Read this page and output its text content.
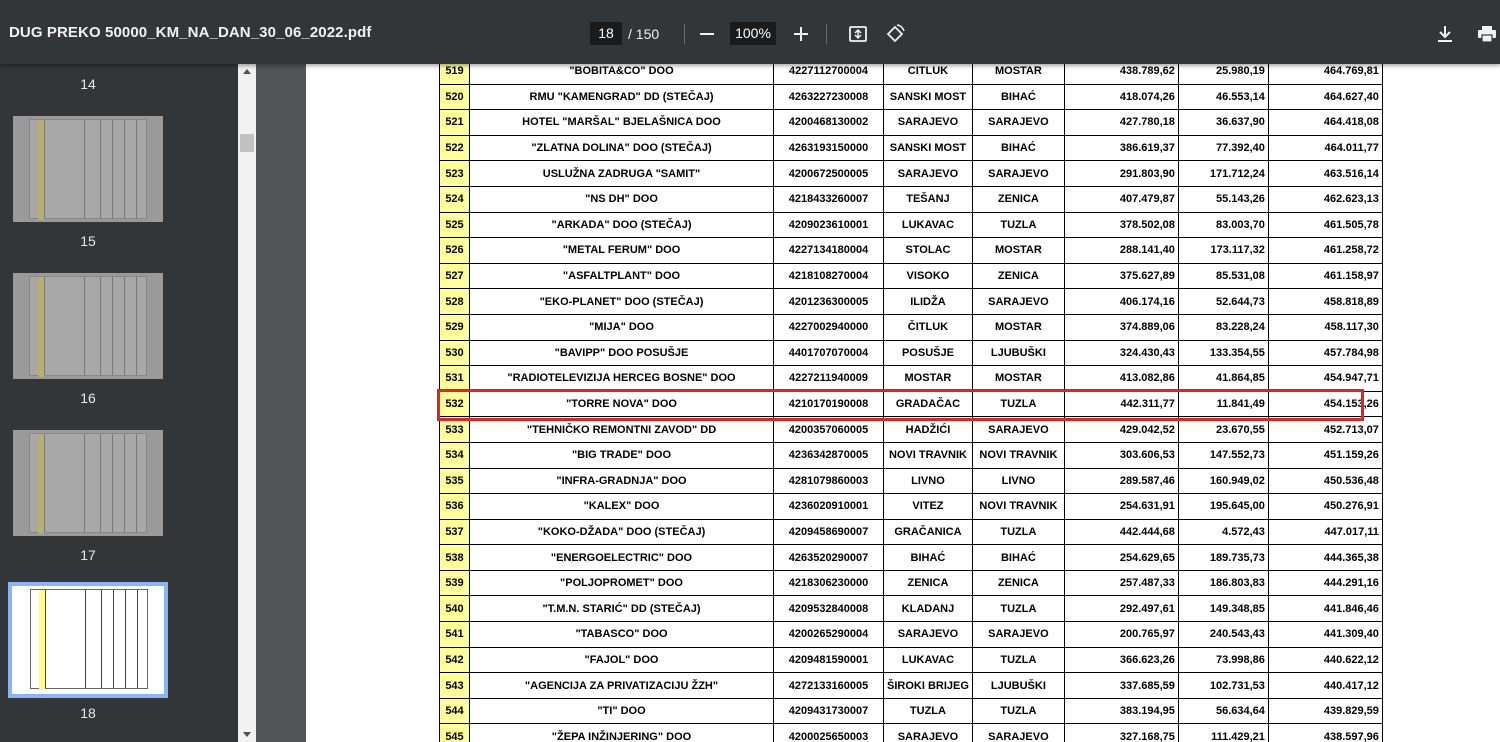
DUG PREKO 50000_KM_NA_DAN_30_06_2022.pdf	18	/ 150	100%
14
15
16
17
18
519	"BOBITA&CO" DOO	4227112700004	CITLUK	MOSTAR	438.789,62	25.980,19	464.769,81
520	RMU "KAMENGRAD" DD (STEČAJ)	4263227230008	SANSKI MOST	BIHAĆ	418.074,26	46.553,14	464.627,40
521	HOTEL "MARŠAL" BJELAŠNICA DOO	4200468130002	SARAJEVO	SARAJEVO	427.780,18	36.637,90	464.418,08
522	"ZLATNA DOLINA" DOO (STEČAJ)	4263193150000	SANSKI MOST	BIHAĆ	386.619,37	77.392,40	464.011,77
523	USLUŽNA ZADRUGA "SAMIT"	4200672500005	SARAJEVO	SARAJEVO	291.803,90	171.712,24	463.516,14
524	"NS DH" DOO	4218433260007	TEŠANJ	ZENICA	407.479,87	55.143,26	462.623,13
525	"ARKADA" DOO (STEČAJ)	4209023610001	LUKAVAC	TUZLA	378.502,08	83.003,70	461.505,78
526	"METAL FERUM" DOO	4227134180004	STOLAC	MOSTAR	288.141,40	173.117,32	461.258,72
527	"ASFALTPLANT" DOO	4218108270004	VISOKO	ZENICA	375.627,89	85.531,08	461.158,97
528	"EKO-PLANET" DOO (STEČAJ)	4201236300005	ILIDŽA	SARAJEVO	406.174,16	52.644,73	458.818,89
529	"MIJA" DOO	4227002940000	ČITLUK	MOSTAR	374.889,06	83.228,24	458.117,30
530	"BAVIPP" DOO POSUŠJE	4401707070004	POSUŠJE	LJUBUŠKI	324.430,43	133.354,55	457.784,98
531	"RADIOTELEVIZIJA HERCEG BOSNE" DOO	4227211940009	MOSTAR	MOSTAR	413.082,86	41.864,85	454.947,71
532	"TORRE NOVA" DOO	4210170190008	GRADAČAC	TUZLA	442.311,77	11.841,49	454.153,26
533	"TEHNIČKO REMONTNI ZAVOD" DD	4200357060005	HADŽIĆI	SARAJEVO	429.042,52	23.670,55	452.713,07
534	"BIG TRADE" DOO	4236342870005	NOVI TRAVNIK	NOVI TRAVNIK	303.606,53	147.552,73	451.159,26
535	"INFRA-GRADNJA" DOO	4281079860003	LIVNO	LIVNO	289.587,46	160.949,02	450.536,48
536	"KALEX" DOO	4236020910001	VITEZ	NOVI TRAVNIK	254.631,91	195.645,00	450.276,91
537	"KOKO-DŽADA" DOO (STEČAJ)	4209458690007	GRAČANICA	TUZLA	442.444,68	4.572,43	447.017,11
538	"ENERGOELECTRIC" DOO	4263520290007	BIHAĆ	BIHAĆ	254.629,65	189.735,73	444.365,38
539	"POLJOPROMET" DOO	4218306230000	ZENICA	ZENICA	257.487,33	186.803,83	444.291,16
540	"T.M.N. STARIĆ" DD (STEČAJ)	4209532840008	KLADANJ	TUZLA	292.497,61	149.348,85	441.846,46
541	"TABASCO" DOO	4200265290004	SARAJEVO	SARAJEVO	200.765,97	240.543,43	441.309,40
542	"FAJOL" DOO	4209481590001	LUKAVAC	TUZLA	366.623,26	73.998,86	440.622,12
543	"AGENCIJA ZA PRIVATIZACIJU ŽZH"	4272133160005	ŠIROKI BRIJEG	LJUBUŠKI	337.685,59	102.731,53	440.417,12
544	"TI" DOO	4209431730007	TUZLA	TUZLA	383.194,95	56.634,64	439.829,59
545	"ŽEPA INŽINJERING" DOO	4200025650003	SARAJEVO	SARAJEVO	327.168,75	111.429,21	438.597,96
